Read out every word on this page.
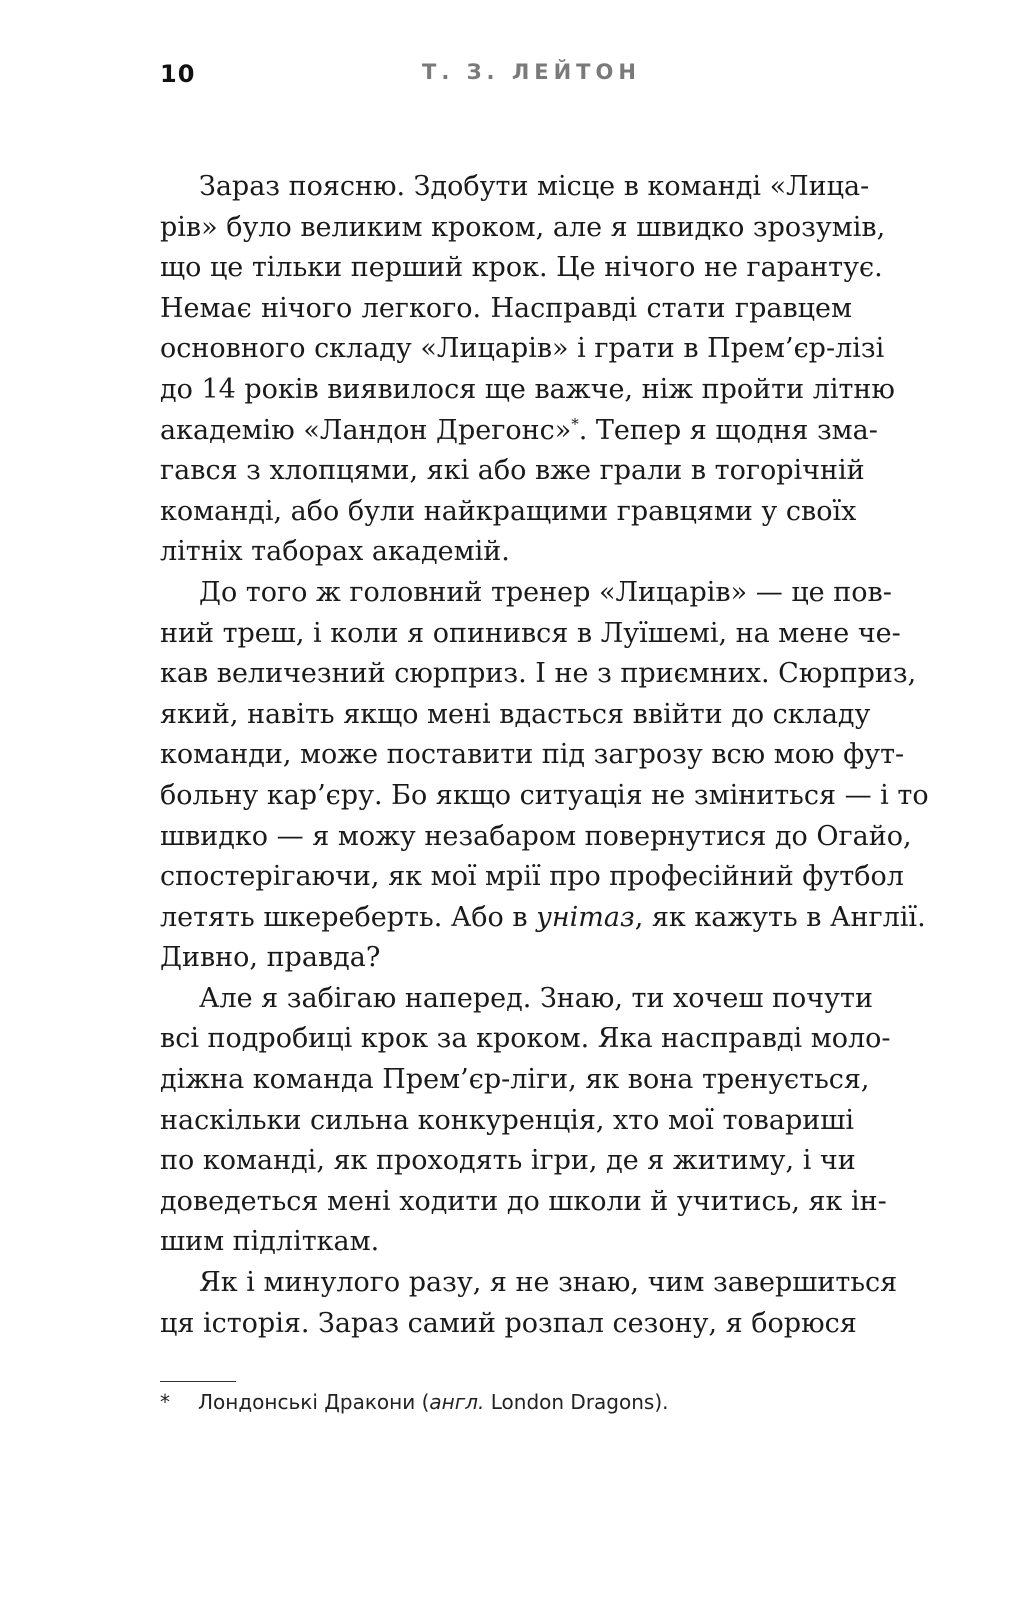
10	Т. З. ЛЕЙТОН
Зараз поясню. Здобути місце в команді «Лица-
рів» було великим кроком, але я швидко зрозумів,
що це тільки перший крок. Це нічого не гарантує.
Немає нічого легкого. Насправді стати гравцем
основного складу «Лицарів» і грати в Прем’єр-лізі
до 14 років виявилося ще важче, ніж пройти літню
академію «Ландон Дрегонс»*. Тепер я щодня зма-
гався з хлопцями, які або вже грали в тогорічній
команді, або були найкращими гравцями у своїх
літніх таборах академій.
До того ж головний тренер «Лицарів» — це пов-
ний треш, і коли я опинився в Луїшемі, на мене че-
кав величезний сюрприз. І не з приємних. Сюрприз,
який, навіть якщо мені вдасться ввійти до складу
команди, може поставити під загрозу всю мою фут-
больну кар’єру. Бо якщо ситуація не зміниться — і то
швидко — я можу незабаром повернутися до Огайо,
спостерігаючи, як мої мрії про професійний футбол
летять шкереберть. Або в унітаз, як кажуть в Англії.
Дивно, правда?
Але я забігаю наперед. Знаю, ти хочеш почути
всі подробиці крок за кроком. Яка насправді моло-
діжна команда Прем’єр-ліги, як вона тренується,
наскільки сильна конкуренція, хто мої товариші
по команді, як проходять ігри, де я житиму, і чи
доведеться мені ходити до школи й учитись, як ін-
шим підліткам.
Як і минулого разу, я не знаю, чим завершиться
ця історія. Зараз самий розпал сезону, я борюся
* Лондонські Дракони (англ. London Dragons).
